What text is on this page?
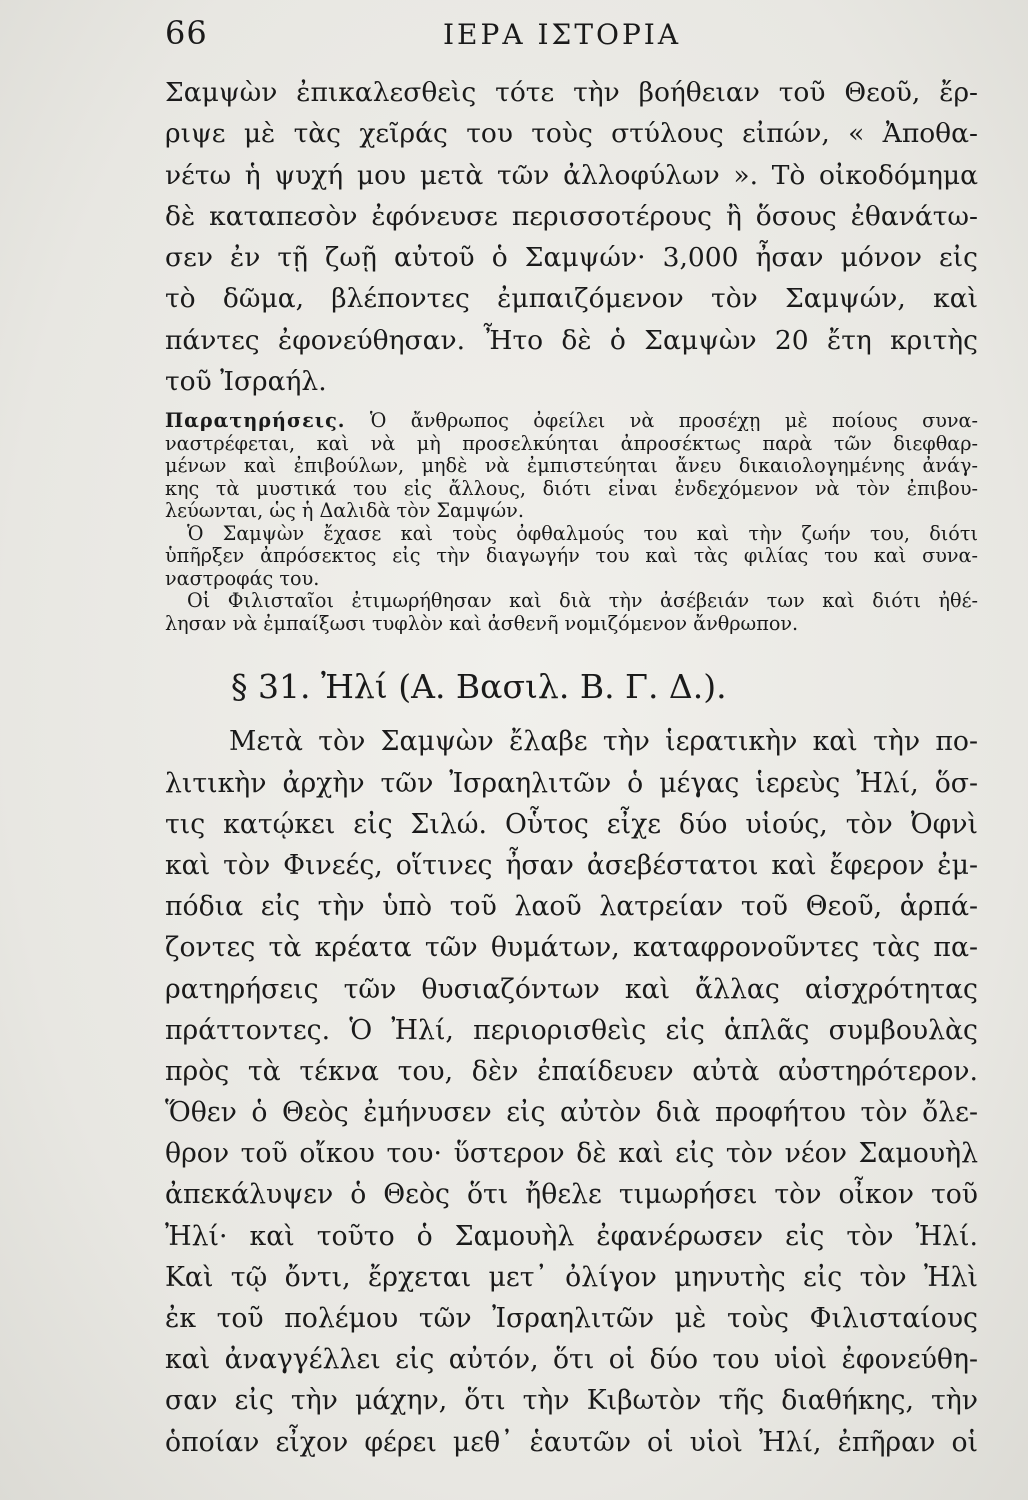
66	ΙΕΡΑ ΙΣΤΟΡΙΑ
Σαμψὼν ἐπικαλεσθεὶς τότε τὴν βοήθειαν τοῦ Θεοῦ, ἔρ-
ριψε μὲ τὰς χεῖράς του τοὺς στύλους εἰπών, « Ἀποθα-
νέτω ἡ ψυχή μου μετὰ τῶν ἀλλοφύλων ». Τὸ οἰκοδόμημα
δὲ καταπεσὸν ἐφόνευσε περισσοτέρους ἢ ὅσους ἐθανάτω-
σεν ἐν τῇ ζωῇ αὐτοῦ ὁ Σαμψών· 3,000 ἦσαν μόνον εἰς
τὸ δῶμα, βλέποντες ἐμπαιζόμενον τὸν Σαμψών, καὶ
πάντες ἐφονεύθησαν. Ἦτο δὲ ὁ Σαμψὼν 20 ἔτη κριτὴς
τοῦ Ἰσραήλ.
Παρατηρήσεις. Ὁ ἄνθρωπος ὀφείλει νὰ προσέχῃ μὲ ποίους συνα-
ναστρέφεται, καὶ νὰ μὴ προσελκύηται ἀπροσέκτως παρὰ τῶν διεφθαρ-
μένων καὶ ἐπιβούλων, μηδὲ νὰ ἐμπιστεύηται ἄνευ δικαιολογημένης ἀνάγ-
κης τὰ μυστικά του εἰς ἄλλους, διότι εἶναι ἐνδεχόμενον νὰ τὸν ἐπιβου-
λεύωνται, ὡς ἡ Δαλιδὰ τὸν Σαμψών.
Ὁ Σαμψὼν ἔχασε καὶ τοὺς ὀφθαλμούς του καὶ τὴν ζωήν του, διότι
ὑπῆρξεν ἀπρόσεκτος εἰς τὴν διαγωγήν του καὶ τὰς φιλίας του καὶ συνα-
ναστροφάς του.
Οἱ Φιλισταῖοι ἐτιμωρήθησαν καὶ διὰ τὴν ἀσέβειάν των καὶ διότι ἠθέ-
λησαν νὰ ἐμπαίξωσι τυφλὸν καὶ ἀσθενῆ νομιζόμενον ἄνθρωπον.
§ 31. Ἠλί (Α. Βασιλ. Β. Γ. Δ.).
Μετὰ τὸν Σαμψὼν ἔλαβε τὴν ἱερατικὴν καὶ τὴν πο-
λιτικὴν ἀρχὴν τῶν Ἰσραηλιτῶν ὁ μέγας ἱερεὺς Ἠλί, ὅσ-
τις κατῴκει εἰς Σιλώ. Οὗτος εἶχε δύο υἱούς, τὸν Ὀφνὶ
καὶ τὸν Φινεές, οἵτινες ἦσαν ἀσεβέστατοι καὶ ἔφερον ἐμ-
πόδια εἰς τὴν ὑπὸ τοῦ λαοῦ λατρείαν τοῦ Θεοῦ, ἁρπά-
ζοντες τὰ κρέατα τῶν θυμάτων, καταφρονοῦντες τὰς πα-
ρατηρήσεις τῶν θυσιαζόντων καὶ ἄλλας αἰσχρότητας
πράττοντες. Ὁ Ἠλί, περιορισθεὶς εἰς ἁπλᾶς συμβουλὰς
πρὸς τὰ τέκνα του, δὲν ἐπαίδευεν αὐτὰ αὐστηρότερον.
Ὅθεν ὁ Θεὸς ἐμήνυσεν εἰς αὐτὸν διὰ προφήτου τὸν ὄλε-
θρον τοῦ οἴκου του· ὕστερον δὲ καὶ εἰς τὸν νέον Σαμουὴλ
ἀπεκάλυψεν ὁ Θεὸς ὅτι ἤθελε τιμωρήσει τὸν οἶκον τοῦ
Ἠλί· καὶ τοῦτο ὁ Σαμουὴλ ἐφανέρωσεν εἰς τὸν Ἠλί.
Καὶ τῷ ὄντι, ἔρχεται μετ᾽ ὀλίγον μηνυτὴς εἰς τὸν Ἠλὶ
ἐκ τοῦ πολέμου τῶν Ἰσραηλιτῶν μὲ τοὺς Φιλισταίους
καὶ ἀναγγέλλει εἰς αὐτόν, ὅτι οἱ δύο του υἱοὶ ἐφονεύθη-
σαν εἰς τὴν μάχην, ὅτι τὴν Κιβωτὸν τῆς διαθήκης, τὴν
ὁποίαν εἶχον φέρει μεθ᾽ ἑαυτῶν οἱ υἱοὶ Ἠλί, ἐπῆραν οἱ
